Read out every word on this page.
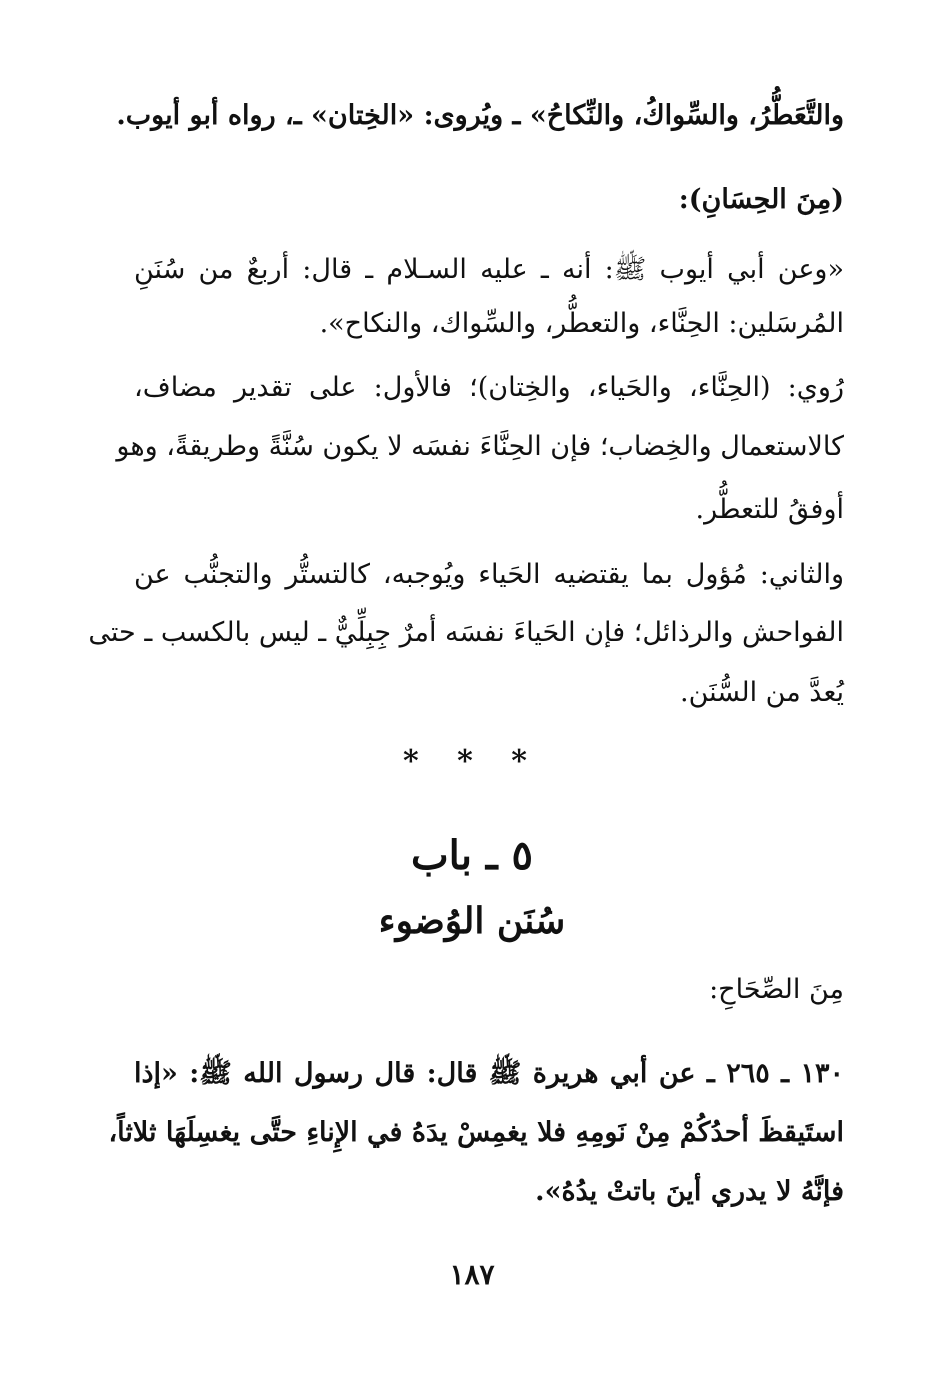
والتَّعَطُّرُ، والسِّواكُ، والنِّكاحُ» ـ ويُروى: «الخِتان» ـ، رواه أبو أيوب.
(مِنَ الحِسَانِ):
«وعن أبي أيوب ﷺ: أنه ـ عليه السـلام ـ قال: أربعٌ من سُنَنِ
المُرسَلين: الحِنَّاء، والتعطُّر، والسِّواك، والنكاح».
رُوي: (الحِنَّاء، والحَياء، والخِتان)؛ فالأول: على تقدير مضاف،
كالاستعمال والخِضاب؛ فإن الحِنَّاءَ نفسَه لا يكون سُنَّةً وطريقةً، وهو
أوفقُ للتعطُّر.
والثاني: مُؤول بما يقتضيه الحَياء ويُوجبه، كالتستُّر والتجنُّب عن
الفواحش والرذائل؛ فإن الحَياءَ نفسَه أمرٌ جِبِلِّيٌّ ـ ليس بالكسب ـ حتى
يُعدَّ من السُّنَن.
* * *
٥ ـ باب
سُنَن الوُضوء
مِنَ الصِّحَاحِ:
١٣٠ ـ ٢٦٥ ـ عن أبي هريرة ﷺ قال: قال رسول الله ﷺ: «إذا
استَيقظَ أحدُكُمْ مِنْ نَومِهِ فلا يغمِسْ يدَهُ في الإِناءِ حتَّى يغسِلَهَا ثلاثاً،
فإنَّهُ لا يدري أينَ باتتْ يدُهُ».
١٨٧
